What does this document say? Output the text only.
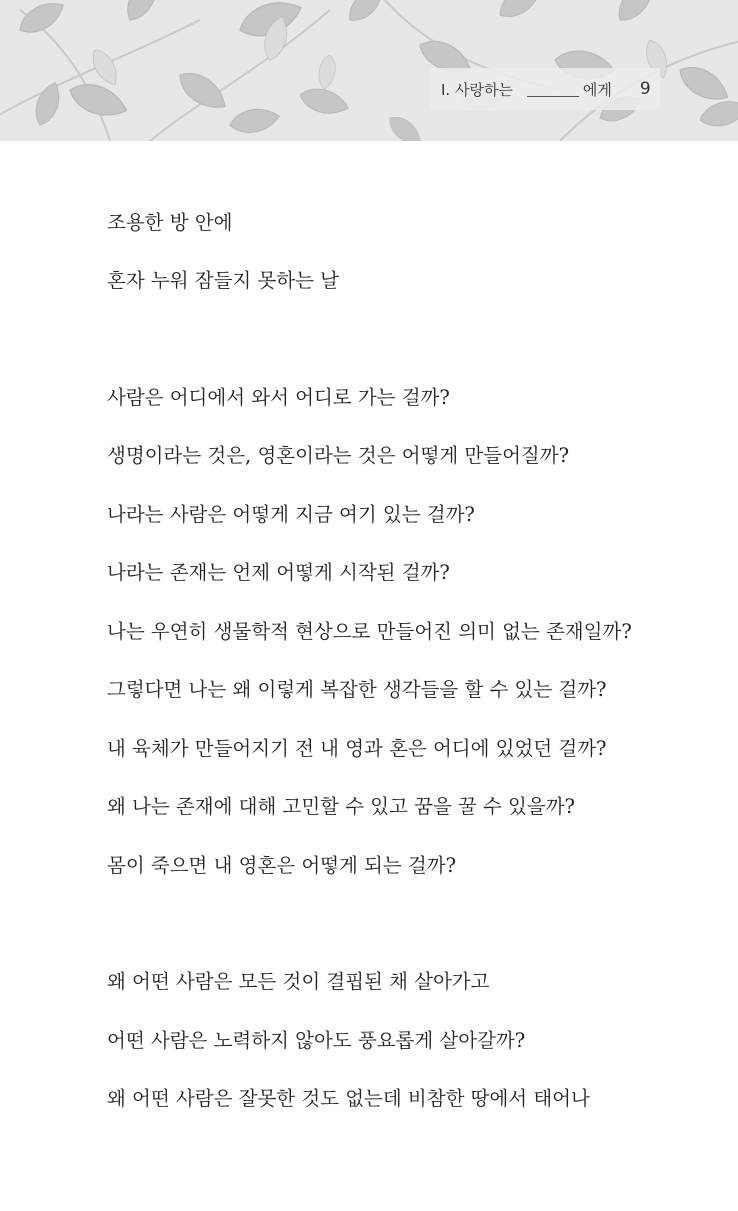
I. 사랑하는	에게 9
조용한 방 안에
혼자 누워 잠들지 못하는 날
사람은 어디에서 와서 어디로 가는 걸까?
생명이라는 것은, 영혼이라는 것은 어떻게 만들어질까?
나라는 사람은 어떻게 지금 여기 있는 걸까?
나라는 존재는 언제 어떻게 시작된 걸까?
나는 우연히 생물학적 현상으로 만들어진 의미 없는 존재일까?
그렇다면 나는 왜 이렇게 복잡한 생각들을 할 수 있는 걸까?
내 육체가 만들어지기 전 내 영과 혼은 어디에 있었던 걸까?
왜 나는 존재에 대해 고민할 수 있고 꿈을 꿀 수 있을까?
몸이 죽으면 내 영혼은 어떻게 되는 걸까?
왜 어떤 사람은 모든 것이 결핍된 채 살아가고
어떤 사람은 노력하지 않아도 풍요롭게 살아갈까?
왜 어떤 사람은 잘못한 것도 없는데 비참한 땅에서 태어나
